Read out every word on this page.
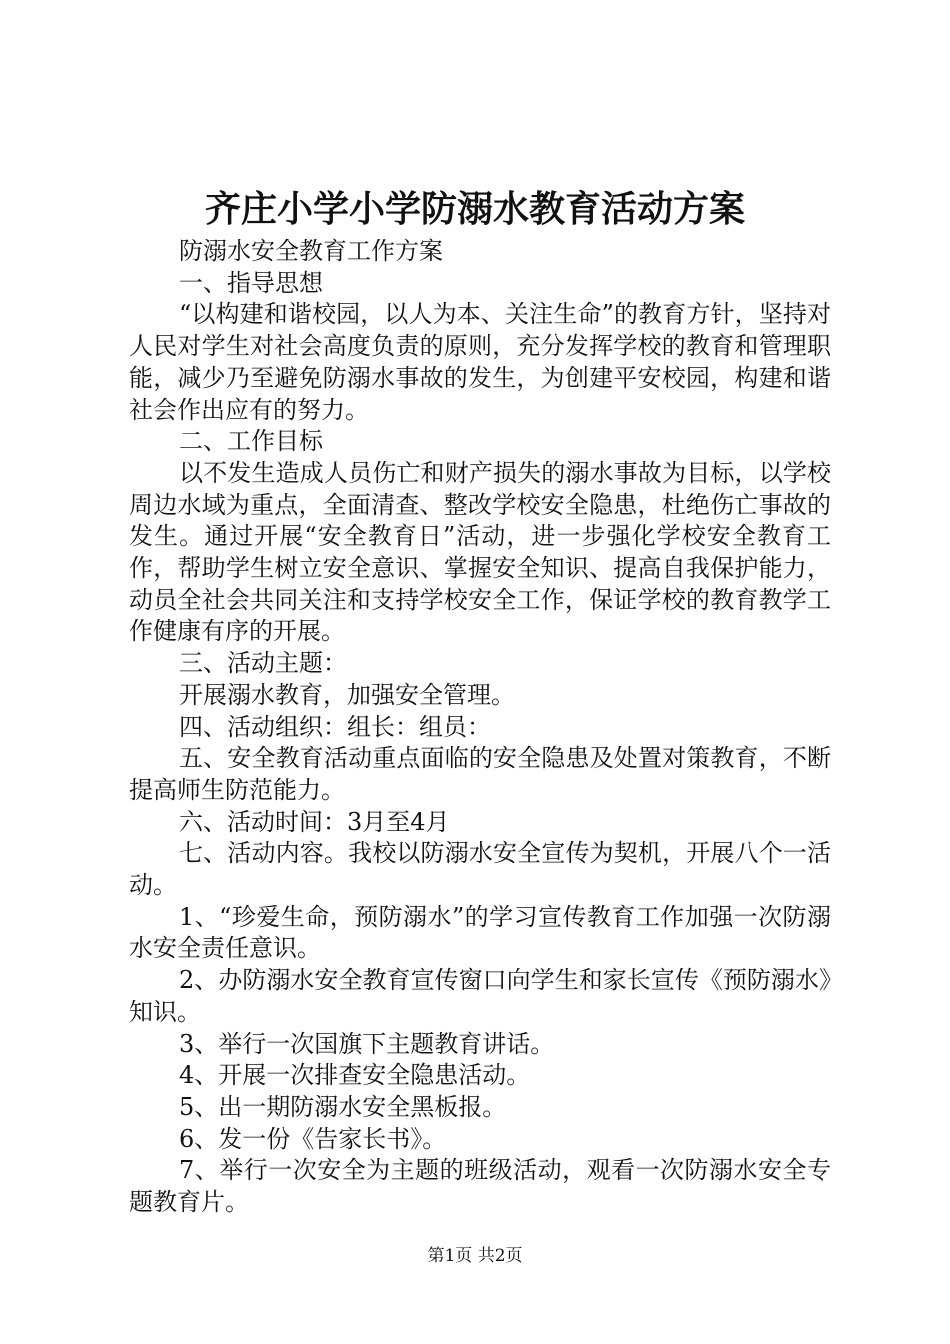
齐庄小学小学防溺水教育活动方案

防溺水安全教育工作方案

一、指导思想

“以构建和谐校园，以人为本、关注生命”的教育方针，坚持对人民对学生对社会高度负责的原则，充分发挥学校的教育和管理职能，减少乃至避免防溺水事故的发生，为创建平安校园，构建和谐社会作出应有的努力。

二、工作目标

以不发生造成人员伤亡和财产损失的溺水事故为目标，以学校周边水域为重点，全面清查、整改学校安全隐患，杜绝伤亡事故的发生。通过开展“安全教育日”活动，进一步强化学校安全教育工作，帮助学生树立安全意识、掌握安全知识、提高自我保护能力，动员全社会共同关注和支持学校安全工作，保证学校的教育教学工作健康有序的开展。

三、活动主题：

开展溺水教育，加强安全管理。

四、活动组织：组长：组员：

五、安全教育活动重点面临的安全隐患及处置对策教育，不断提高师生防范能力。

六、活动时间：3月至4月

七、活动内容。我校以防溺水安全宣传为契机，开展八个一活动。

1、“珍爱生命，预防溺水”的学习宣传教育工作加强一次防溺水安全责任意识。

2、办防溺水安全教育宣传窗口向学生和家长宣传《预防溺水》知识。

3、举行一次国旗下主题教育讲话。

4、开展一次排查安全隐患活动。

5、出一期防溺水安全黑板报。

6、发一份《告家长书》。

7、举行一次安全为主题的班级活动，观看一次防溺水安全专题教育片。

第1页 共2页
